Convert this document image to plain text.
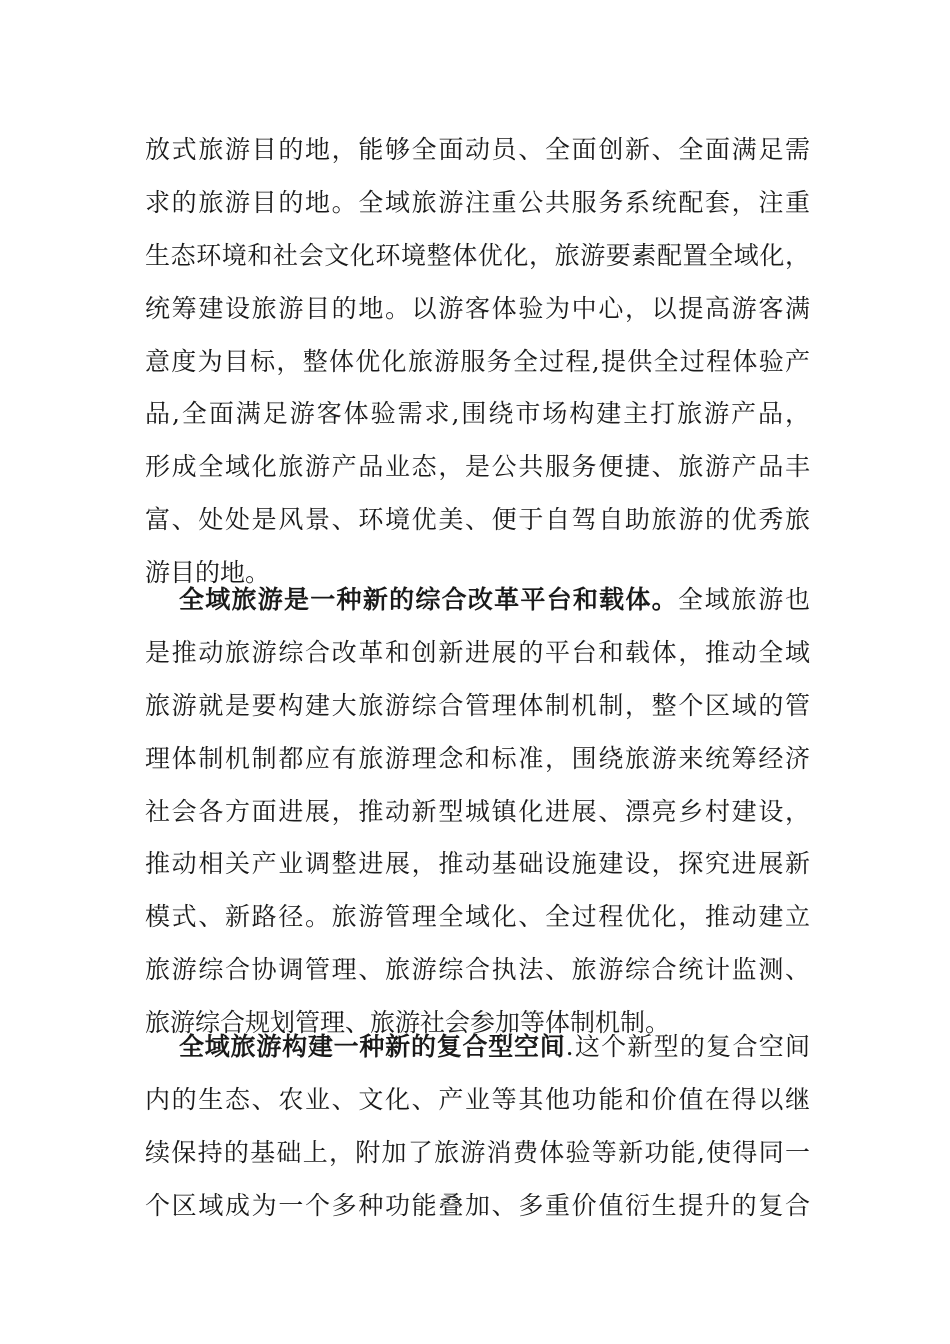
放式旅游目的地，能够全面动员、全面创新、全面满足需
求的旅游目的地。全域旅游注重公共服务系统配套，注重
生态环境和社会文化环境整体优化，旅游要素配置全域化，
统筹建设旅游目的地。以游客体验为中心，以提高游客满
意度为目标，整体优化旅游服务全过程,提供全过程体验产
品,全面满足游客体验需求,围绕市场构建主打旅游产品，
形成全域化旅游产品业态，是公共服务便捷、旅游产品丰
富、处处是风景、环境优美、便于自驾自助旅游的优秀旅
游目的地。
全域旅游是一种新的综合改革平台和载体。全域旅游也
是推动旅游综合改革和创新进展的平台和载体，推动全域
旅游就是要构建大旅游综合管理体制机制，整个区域的管
理体制机制都应有旅游理念和标准，围绕旅游来统筹经济
社会各方面进展，推动新型城镇化进展、漂亮乡村建设，
推动相关产业调整进展，推动基础设施建设，探究进展新
模式、新路径。旅游管理全域化、全过程优化，推动建立
旅游综合协调管理、旅游综合执法、旅游综合统计监测、
旅游综合规划管理、旅游社会参加等体制机制。
全域旅游构建一种新的复合型空间.这个新型的复合空间
内的生态、农业、文化、产业等其他功能和价值在得以继
续保持的基础上，附加了旅游消费体验等新功能,使得同一
个区域成为一个多种功能叠加、多重价值衍生提升的复合
